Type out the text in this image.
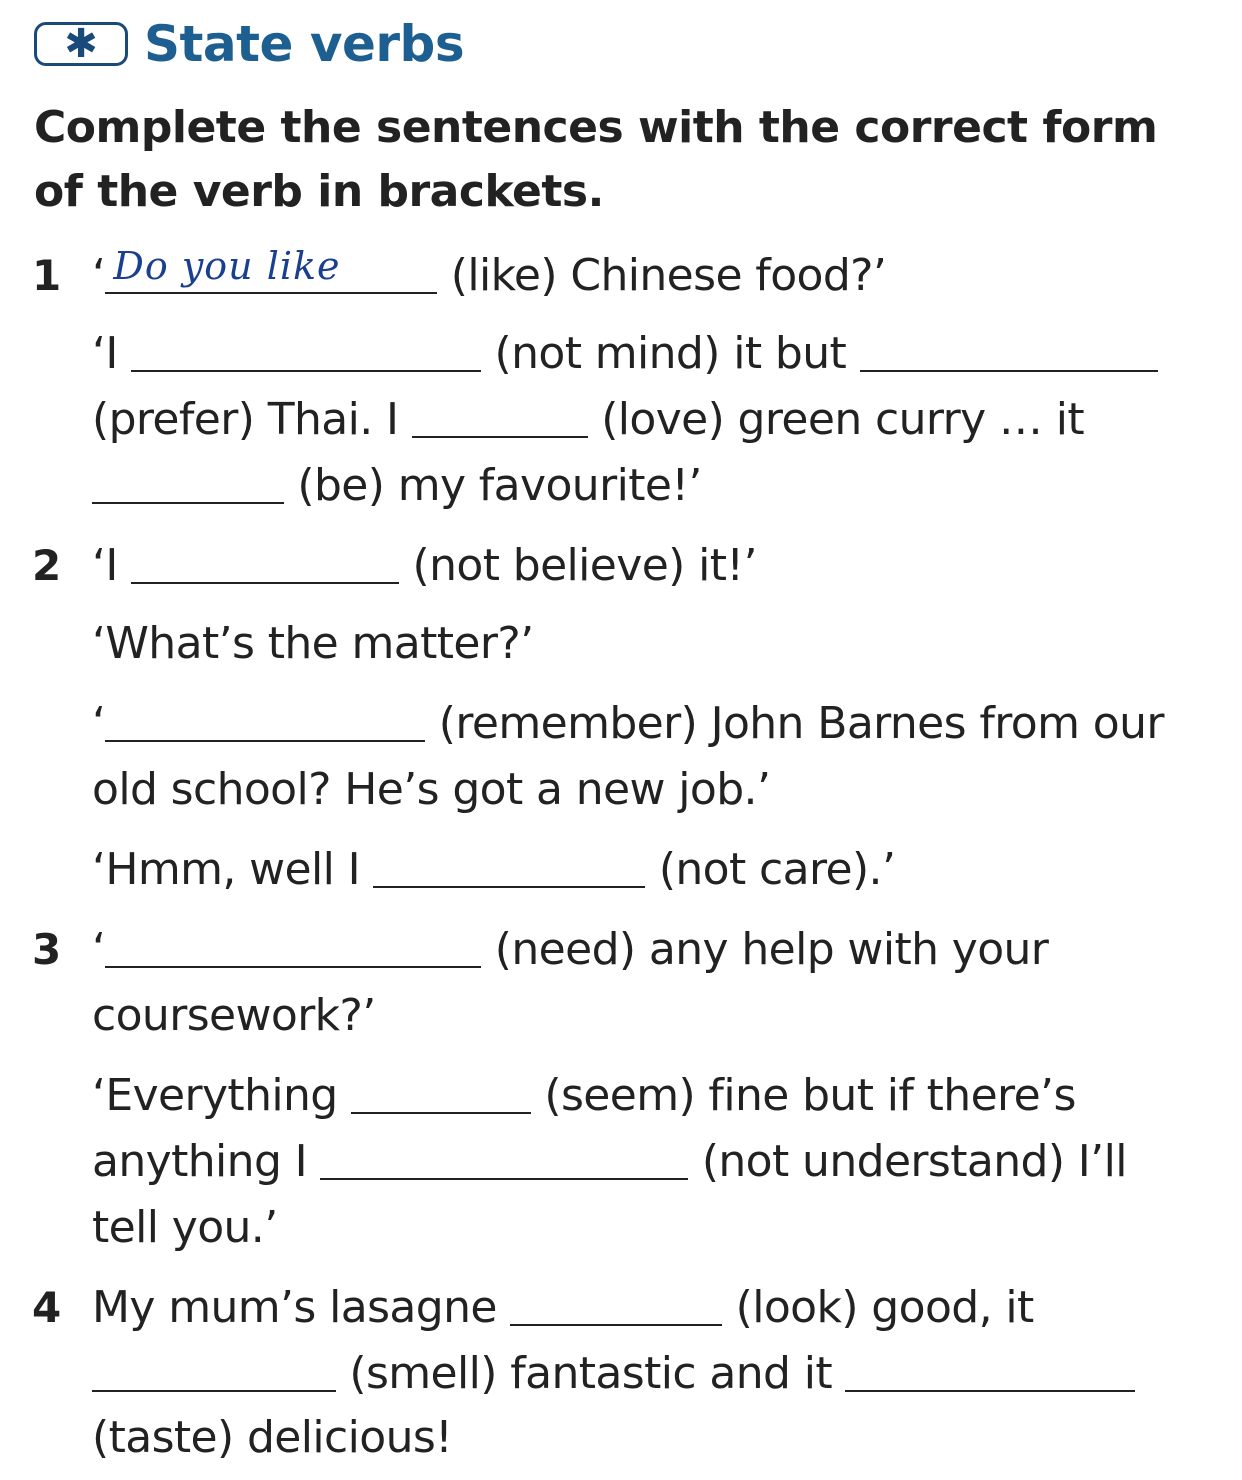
✱ State verbs
Complete the sentences with the correct form of the verb in brackets.
1 ‘ Do you like	(like) Chinese food?’
‘I	(not mind) it but
(prefer) Thai. I	(love) green curry … it
(be) my favourite!’
2 ‘I	(not believe) it!’
‘What’s the matter?’
‘	(remember) John Barnes from our
old school? He’s got a new job.’
‘Hmm, well I	(not care).’
3 ‘	(need) any help with your
coursework?’
‘Everything	(seem) fine but if there’s
anything I	(not understand) I’ll
tell you.’
4 My mum’s lasagne	(look) good, it
(smell) fantastic and it
(taste) delicious!
